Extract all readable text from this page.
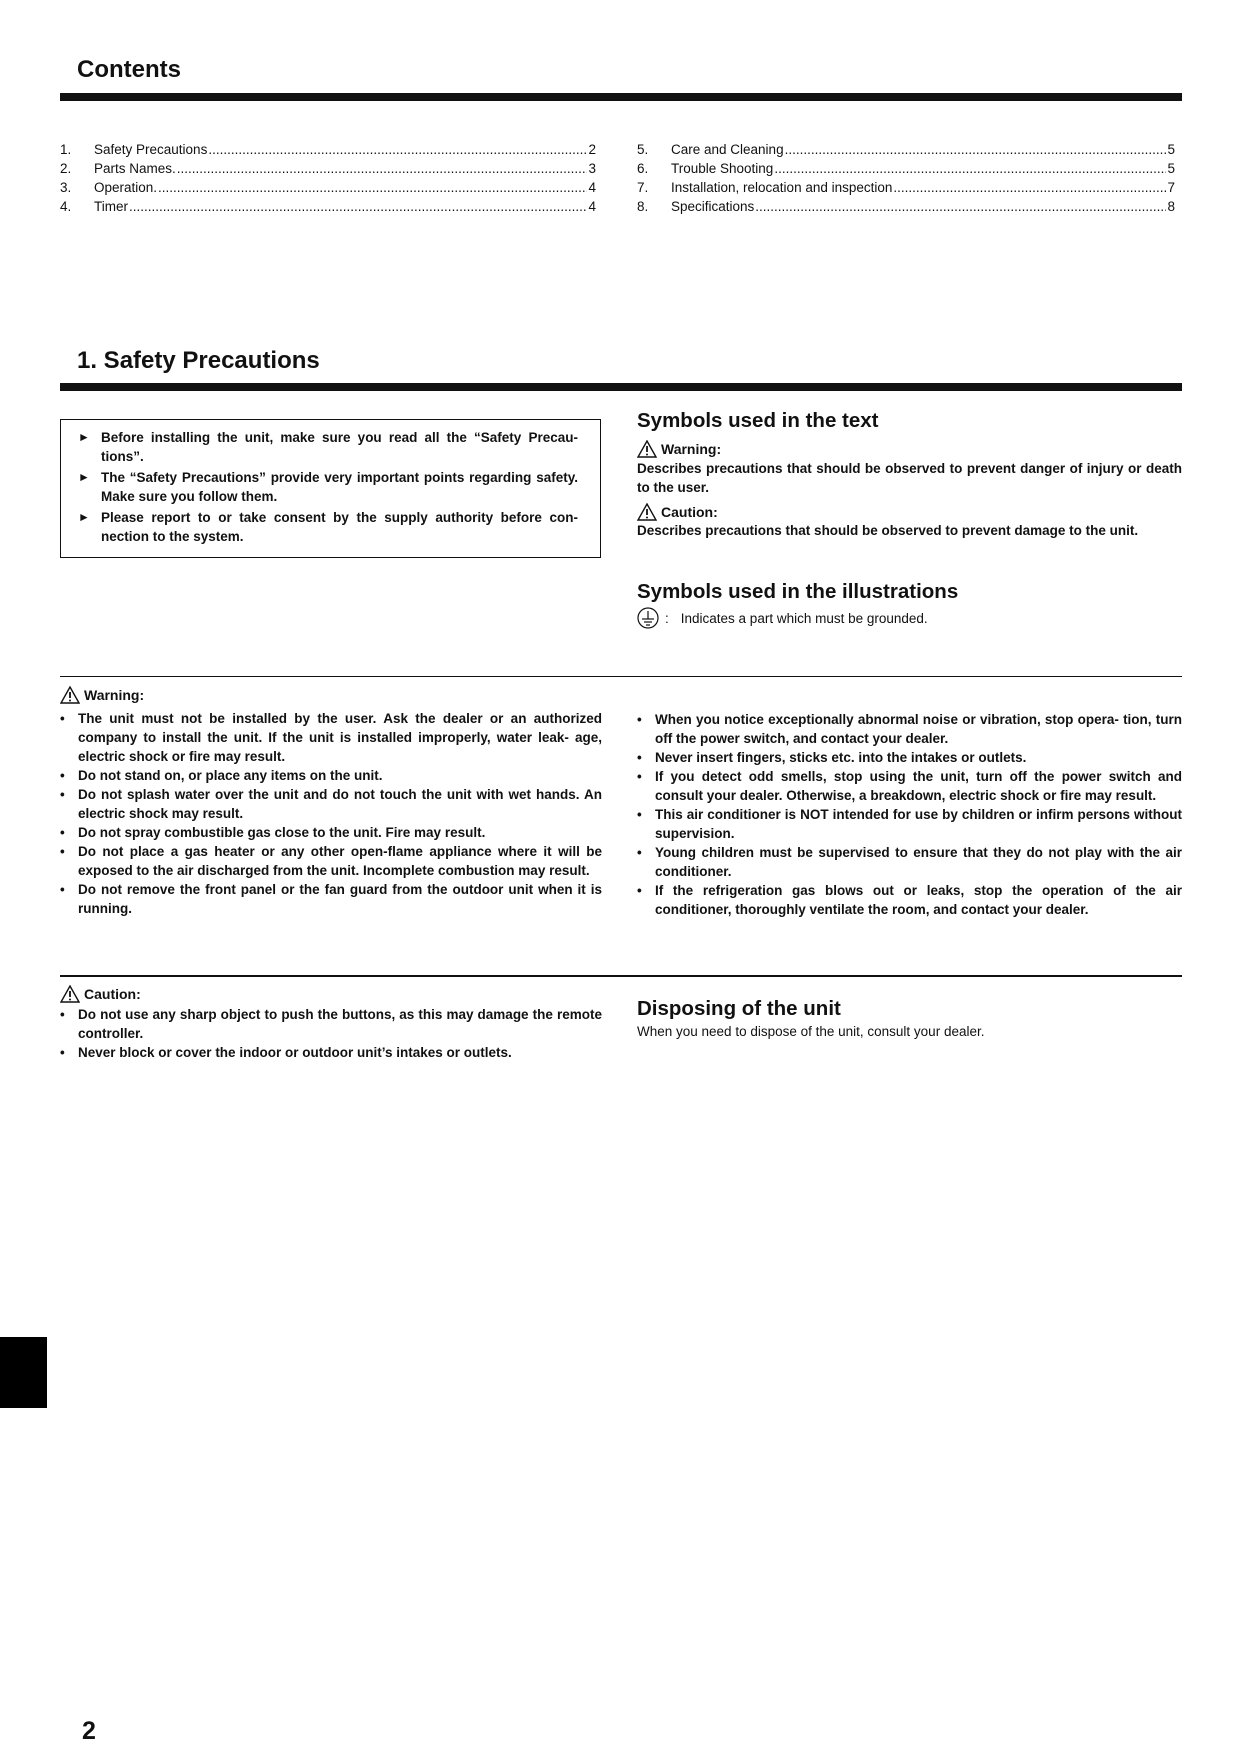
Contents
1.	Safety Precautions .....	2
2.	Parts Names. .....	3
3.	Operation. .....	4
4.	Timer .....	4
5.	Care and Cleaning .....	5
6.	Trouble Shooting .....	5
7.	Installation, relocation and inspection .....	7
8.	Specifications .....	8
1. Safety Precautions
► Before installing the unit, make sure you read all the “Safety Precau- tions”.
► The “Safety Precautions” provide very important points regarding safety. Make sure you follow them.
► Please report to or take consent by the supply authority before con- nection to the system.
Symbols used in the text
Warning:
Describes precautions that should be observed to prevent danger of injury or death to the user.
Caution:
Describes precautions that should be observed to prevent damage to the unit.
Symbols used in the illustrations
: Indicates a part which must be grounded.
Warning:
• The unit must not be installed by the user. Ask the dealer or an authorized company to install the unit. If the unit is installed improperly, water leak- age, electric shock or fire may result.
• Do not stand on, or place any items on the unit.
• Do not splash water over the unit and do not touch the unit with wet hands. An electric shock may result.
• Do not spray combustible gas close to the unit. Fire may result.
• Do not place a gas heater or any other open-flame appliance where it will be exposed to the air discharged from the unit. Incomplete combustion may result.
• Do not remove the front panel or the fan guard from the outdoor unit when it is running.
• When you notice exceptionally abnormal noise or vibration, stop opera- tion, turn off the power switch, and contact your dealer.
• Never insert fingers, sticks etc. into the intakes or outlets.
• If you detect odd smells, stop using the unit, turn off the power switch and consult your dealer. Otherwise, a breakdown, electric shock or fire may result.
• This air conditioner is NOT intended for use by children or infirm persons without supervision.
• Young children must be supervised to ensure that they do not play with the air conditioner.
• If the refrigeration gas blows out or leaks, stop the operation of the air conditioner, thoroughly ventilate the room, and contact your dealer.
Caution:
• Do not use any sharp object to push the buttons, as this may damage the remote controller.
• Never block or cover the indoor or outdoor unit’s intakes or outlets.
Disposing of the unit
When you need to dispose of the unit, consult your dealer.
2
